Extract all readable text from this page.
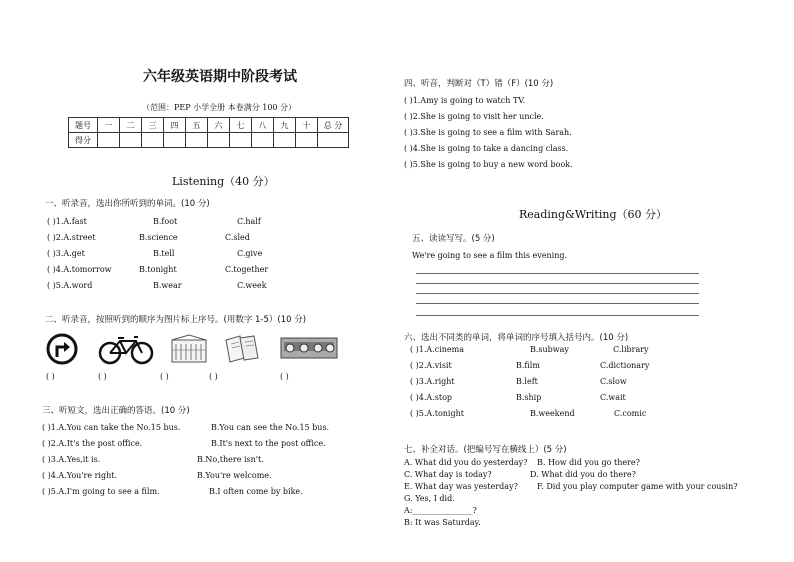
六年级英语期中阶段考试
（范围：PEP 小学全册 本卷满分 100 分）
题号	一	二	三	四	五	六	七	八	九	十	总 分
得分											
Listening（40 分）
一、听录音，选出你所听到的单词。(10 分)
( )1.A.fast	B.foot	C.half
( )2.A.street	B.science	C.sled
( )3.A.get	B.tell	C.give
( )4.A.tomorrow	B.tonight	C.together
( )5.A.word	B.wear	C.week
二、听录音，按照听到的顺序为图片标上序号。(用数字 1-5）(10 分)
( )	( )	( )	( )	( )
三、听短文，选出正确的答语。(10 分)
( )1.A.You can take the No.15 bus.	B.You can see the No.15 bus.
( )2.A.It's the post office.	B.It's next to the post office.
( )3.A.Yes,it is.	B.No,there isn't.
( )4.A.You're right.	B.You're welcome.
( )5.A.I'm going to see a film.	B.I often come by bike.
四、听音，判断对（T）错（F）(10 分)
( )1.Amy is going to watch TV.
( )2.She is going to visit her uncle.
( )3.She is going to see a film with Sarah.
( )4.She is going to take a dancing class.
( )5.She is going to buy a new word book.
Reading&Writing（60 分）
五、读读写写。(5 分)
We're going to see a film this evening.
六、选出不同类的单词，将单词的序号填入括号内。(10 分)
( )1.A.cinema	B.subway	C.library
( )2.A.visit	B.film	C.dictionary
( )3.A.right	B.left	C.slow
( )4.A.stop	B.ship	C.wait
( )5.A.tonight	B.weekend	C.comic
七、补全对话。(把编号写在横线上）(5 分)
A. What did you do yesterday? B. How did you go there?
C. What day is today?	D. What did you do there?
E. What day was yesterday? F. Did you play computer game with your cousin?
G. Yes, I did.
A:_______________?
B: It was Saturday.
